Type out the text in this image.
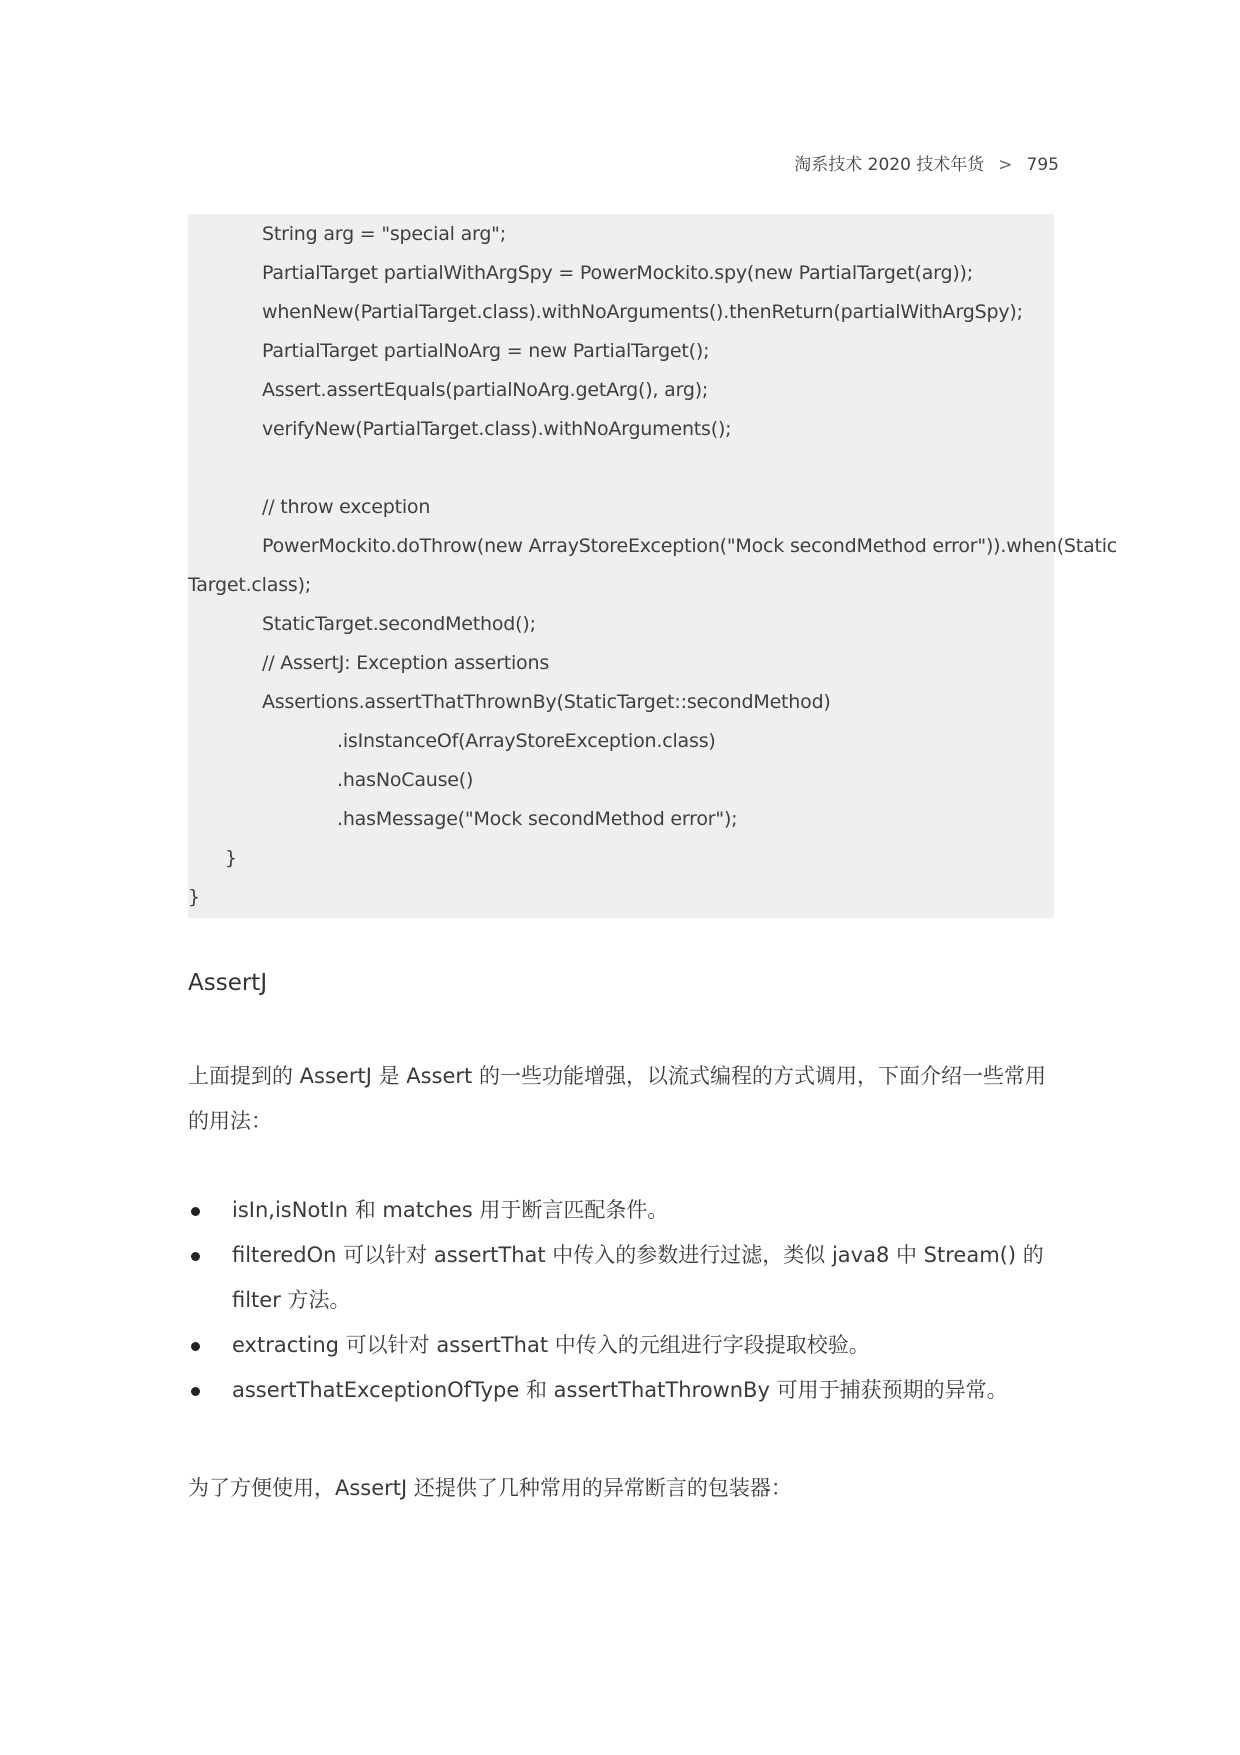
淘系技术 2020 技术年货 > 795
String arg = "special arg";
PartialTarget partialWithArgSpy = PowerMockito.spy(new PartialTarget(arg));
whenNew(PartialTarget.class).withNoArguments().thenReturn(partialWithArgSpy);
PartialTarget partialNoArg = new PartialTarget();
Assert.assertEquals(partialNoArg.getArg(), arg);
verifyNew(PartialTarget.class).withNoArguments();
// throw exception
PowerMockito.doThrow(new ArrayStoreException("Mock secondMethod error")).when(Static
Target.class);
StaticTarget.secondMethod();
// AssertJ: Exception assertions
Assertions.assertThatThrownBy(StaticTarget::secondMethod)
.isInstanceOf(ArrayStoreException.class)
.hasNoCause()
.hasMessage("Mock secondMethod error");
}
}
AssertJ
上面提到的 AssertJ 是 Assert 的一些功能增强，以流式编程的方式调用，下面介绍一些常用的用法：
isIn,isNotIn 和 matches 用于断言匹配条件。
filteredOn 可以针对 assertThat 中传入的参数进行过滤，类似 java8 中 Stream() 的 filter 方法。
extracting 可以针对 assertThat 中传入的元组进行字段提取校验。
assertThatExceptionOfType 和 assertThatThrownBy 可用于捕获预期的异常。
为了方便使用，AssertJ 还提供了几种常用的异常断言的包装器：
